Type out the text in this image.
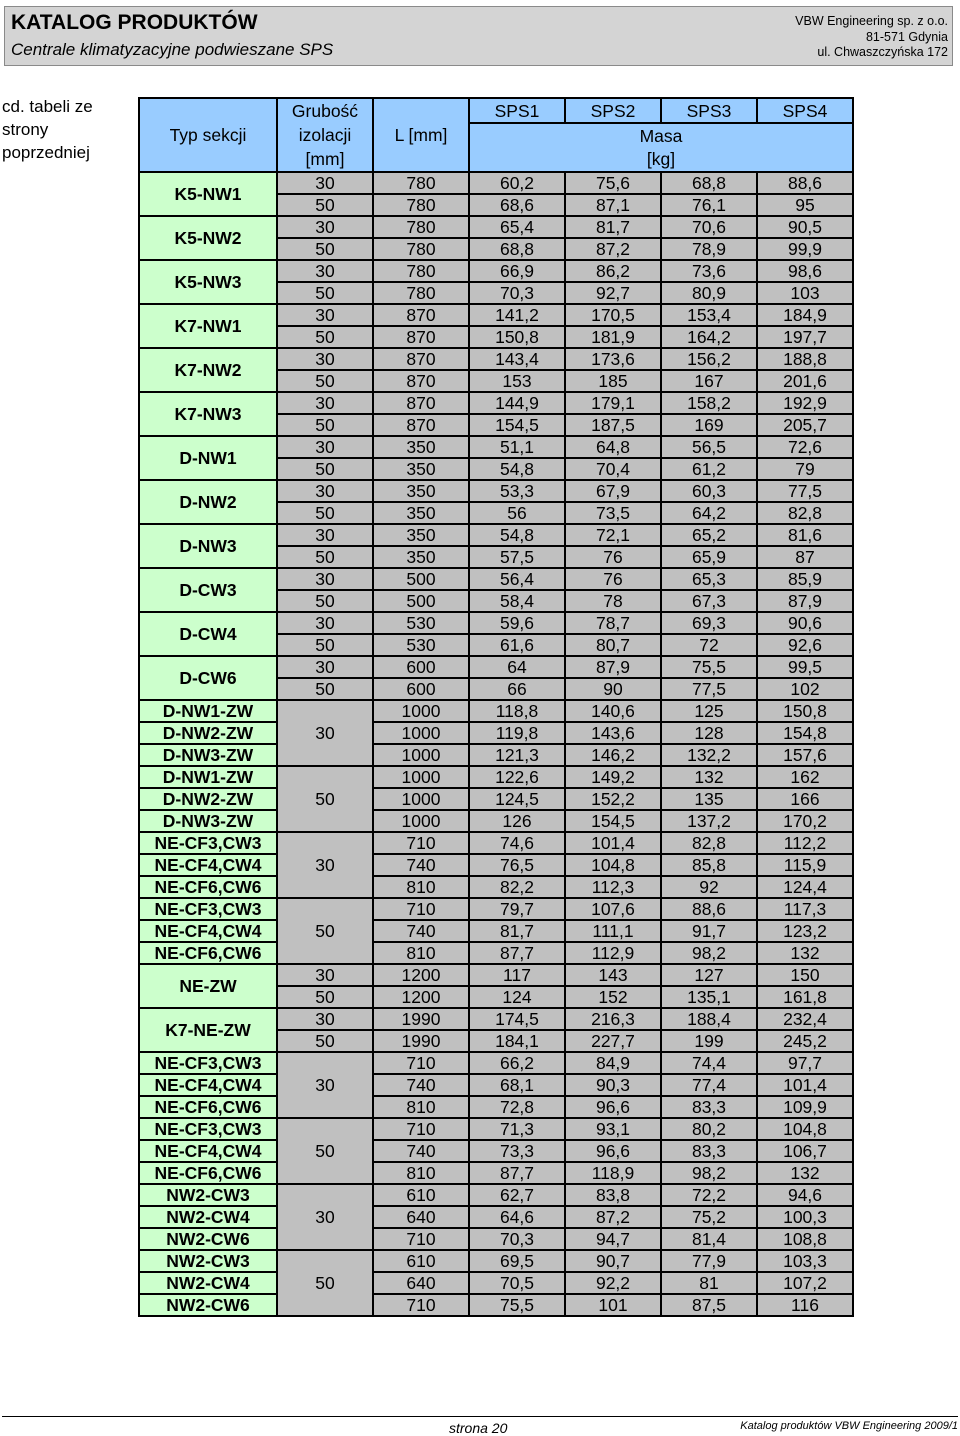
KATALOG PRODUKTÓW
Centrale klimatyzacyjne podwieszane SPS
VBW Engineering sp. z o.o.
81-571 Gdynia
ul. Chwaszczyńska 172
cd. tabeli ze strony poprzedniej
Typ sekcji	Grubość izolacji [mm]	L [mm]	SPS1	SPS2	SPS3	SPS4

			Masa
[kg]			

K5-NW1	30	780	60,2	75,6	68,8	88,6
	50	780	68,6	87,1	76,1	95
K5-NW2	30	780	65,4	81,7	70,6	90,5
	50	780	68,8	87,2	78,9	99,9
K5-NW3	30	780	66,9	86,2	73,6	98,6
	50	780	70,3	92,7	80,9	103
K7-NW1	30	870	141,2	170,5	153,4	184,9
	50	870	150,8	181,9	164,2	197,7
K7-NW2	30	870	143,4	173,6	156,2	188,8
	50	870	153	185	167	201,6
K7-NW3	30	870	144,9	179,1	158,2	192,9
	50	870	154,5	187,5	169	205,7
D-NW1	30	350	51,1	64,8	56,5	72,6
	50	350	54,8	70,4	61,2	79
D-NW2	30	350	53,3	67,9	60,3	77,5
	50	350	56	73,5	64,2	82,8
D-NW3	30	350	54,8	72,1	65,2	81,6
	50	350	57,5	76	65,9	87
D-CW3	30	500	56,4	76	65,3	85,9
	50	500	58,4	78	67,3	87,9
D-CW4	30	530	59,6	78,7	69,3	90,6
	50	530	61,6	80,7	72	92,6
D-CW6	30	600	64	87,9	75,5	99,5
	50	600	66	90	77,5	102
D-NW1-ZW	30	1000	118,8	140,6	125	150,8
D-NW2-ZW		1000	119,8	143,6	128	154,8
D-NW3-ZW		1000	121,3	146,2	132,2	157,6
D-NW1-ZW	50	1000	122,6	149,2	132	162
D-NW2-ZW		1000	124,5	152,2	135	166
D-NW3-ZW		1000	126	154,5	137,2	170,2
NE-CF3,CW3	30	710	74,6	101,4	82,8	112,2
NE-CF4,CW4		740	76,5	104,8	85,8	115,9
NE-CF6,CW6		810	82,2	112,3	92	124,4
NE-CF3,CW3	50	710	79,7	107,6	88,6	117,3
NE-CF4,CW4		740	81,7	111,1	91,7	123,2
NE-CF6,CW6		810	87,7	112,9	98,2	132
NE-ZW	30	1200	117	143	127	150
	50	1200	124	152	135,1	161,8
K7-NE-ZW	30	1990	174,5	216,3	188,4	232,4
	50	1990	184,1	227,7	199	245,2
NE-CF3,CW3	30	710	66,2	84,9	74,4	97,7
NE-CF4,CW4		740	68,1	90,3	77,4	101,4
NE-CF6,CW6		810	72,8	96,6	83,3	109,9
NE-CF3,CW3	50	710	71,3	93,1	80,2	104,8
NE-CF4,CW4		740	73,3	96,6	83,3	106,7
NE-CF6,CW6		810	87,7	118,9	98,2	132
NW2-CW3	30	610	62,7	83,8	72,2	94,6
NW2-CW4		640	64,6	87,2	75,2	100,3
NW2-CW6		710	70,3	94,7	81,4	108,8
NW2-CW3	50	610	69,5	90,7	77,9	103,3
NW2-CW4		640	70,5	92,2	81	107,2
NW2-CW6		710	75,5	101	87,5	116
strona 20	Katalog produktów VBW Engineering 2009/1
